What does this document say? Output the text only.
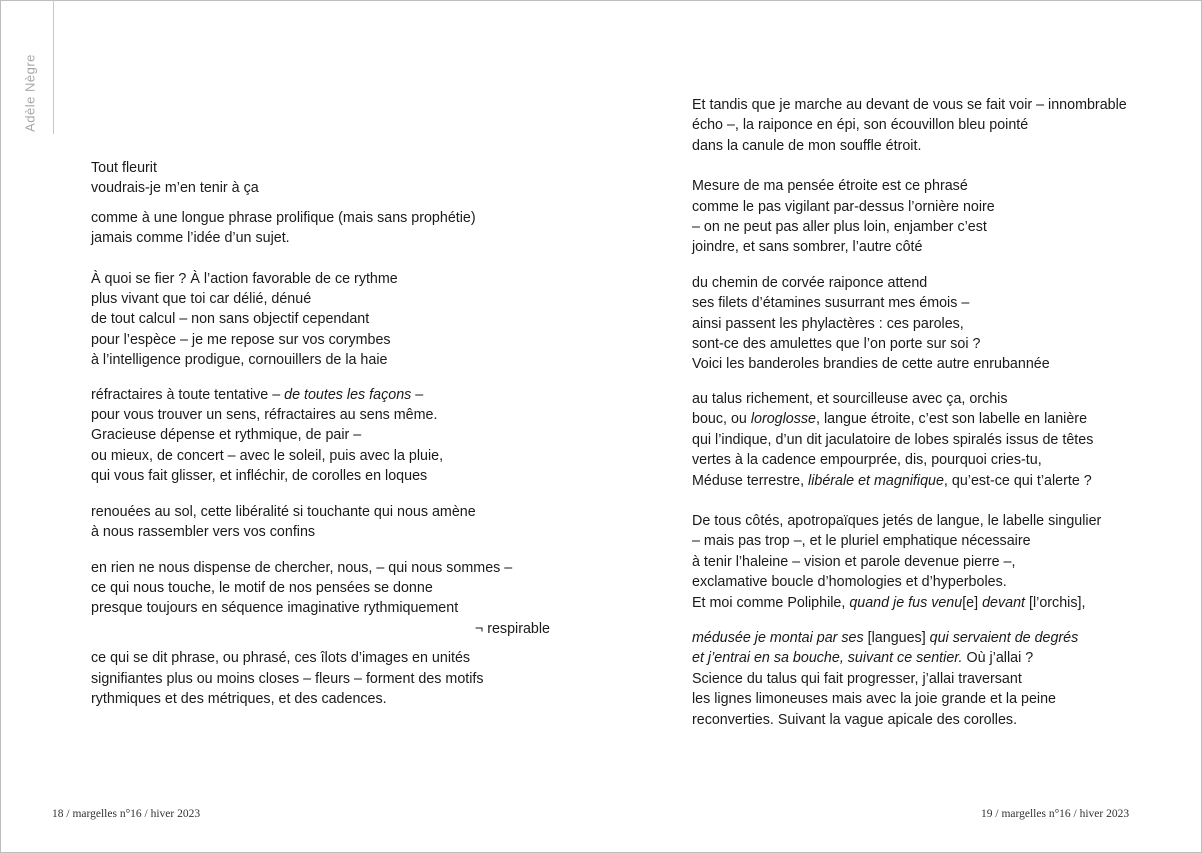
Adèle Nègre

Tout fleurit
voudrais-je m’en tenir à ça

comme à une longue phrase prolifique (mais sans prophétie)
jamais comme l’idée d’un sujet.

À quoi se fier ? À l’action favorable de ce rythme
plus vivant que toi car délié, dénué
de tout calcul – non sans objectif cependant
pour l’espèce – je me repose sur vos corymbes
à l’intelligence prodigue, cornouillers de la haie

réfractaires à toute tentative – de toutes les façons –
pour vous trouver un sens, réfractaires au sens même.
Gracieuse dépense et rythmique, de pair –
ou mieux, de concert – avec le soleil, puis avec la pluie,
qui vous fait glisser, et infléchir, de corolles en loques

renouées au sol, cette libéralité si touchante qui nous amène
à nous rassembler vers vos confins

en rien ne nous dispense de chercher, nous, – qui nous sommes –
ce qui nous touche, le motif de nos pensées se donne
presque toujours en séquence imaginative rythmiquement
¬ respirable

ce qui se dit phrase, ou phrasé, ces îlots d’images en unités
signifiantes plus ou moins closes – fleurs – forment des motifs
rythmiques et des métriques, et des cadences.

18 / margelles n°16 / hiver 2023

Et tandis que je marche au devant de vous se fait voir – innombrable
écho –, la raiponce en épi, son écouvillon bleu pointé
dans la canule de mon souffle étroit.

Mesure de ma pensée étroite est ce phrasé
comme le pas vigilant par-dessus l’ornière noire
– on ne peut pas aller plus loin, enjamber c’est
joindre, et sans sombrer, l’autre côté

du chemin de corvée raiponce attend
ses filets d’étamines susurrant mes émois –
ainsi passent les phylactères : ces paroles,
sont-ce des amulettes que l’on porte sur soi ?
Voici les banderoles brandies de cette autre enrubannée

au talus richement, et sourcilleuse avec ça, orchis
bouc, ou loroglosse, langue étroite, c’est son labelle en lanière
qui l’indique, d’un dit jaculatoire de lobes spiralés issus de têtes
vertes à la cadence empourprée, dis, pourquoi cries-tu,
Méduse terrestre, libérale et magnifique, qu’est-ce qui t’alerte ?

De tous côtés, apotropaïques jetés de langue, le labelle singulier
– mais pas trop –, et le pluriel emphatique nécessaire
à tenir l’haleine – vision et parole devenue pierre –,
exclamative boucle d’homologies et d’hyperboles.
Et moi comme Poliphile, quand je fus venu[e] devant [l’orchis],

médusée je montai par ses [langues] qui servaient de degrés
et j’entrai en sa bouche, suivant ce sentier. Où j’allai ?
Science du talus qui fait progresser, j’allai traversant
les lignes limoneuses mais avec la joie grande et la peine
reconverties. Suivant la vague apicale des corolles.

19 / margelles n°16 / hiver 2023
